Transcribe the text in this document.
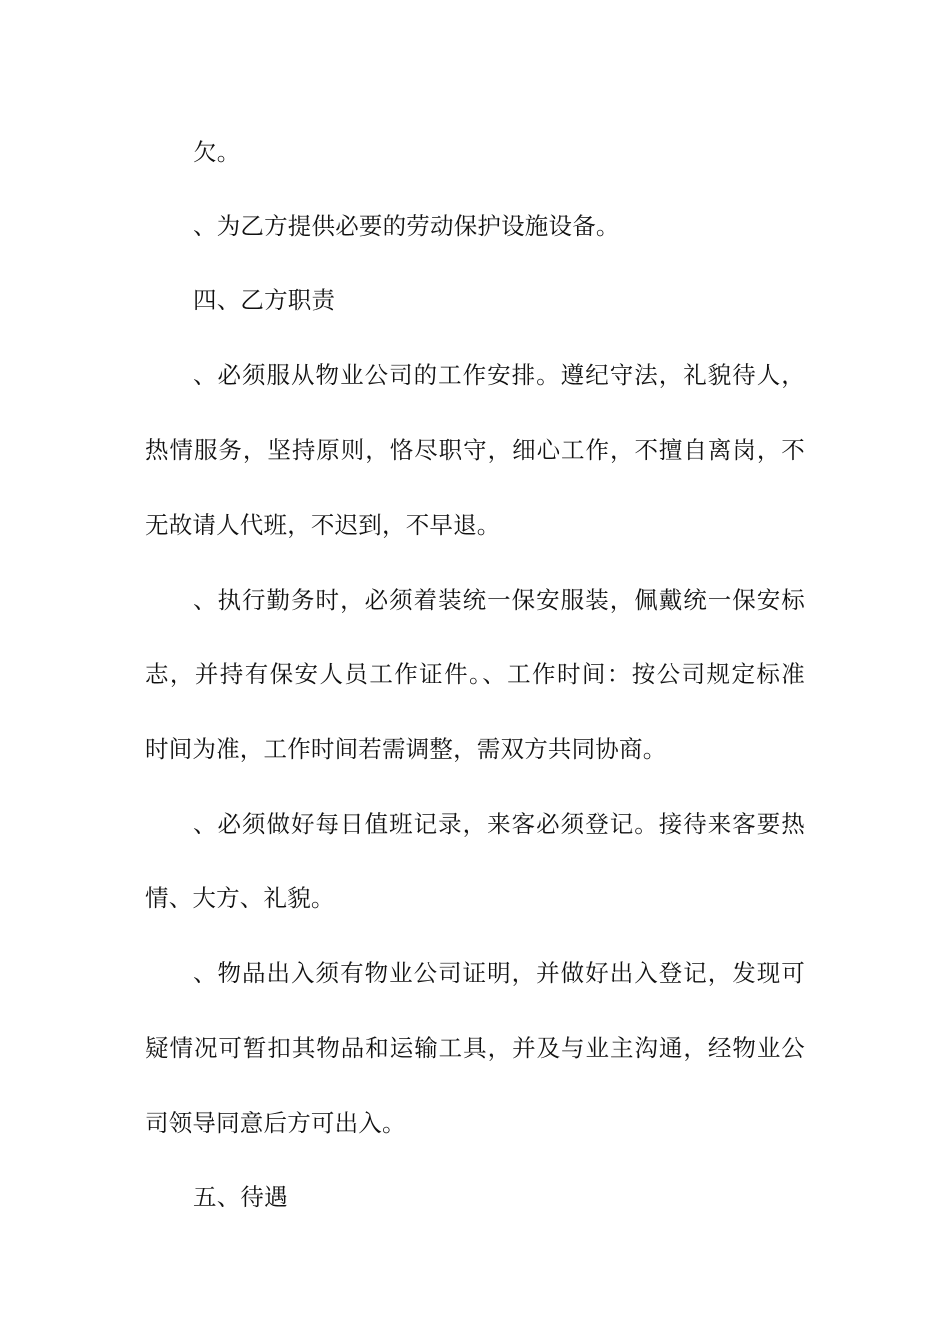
欠。
、为乙方提供必要的劳动保护设施设备。
四、乙方职责
、必须服从物业公司的工作安排。遵纪守法，礼貌待人，
热情服务，坚持原则，恪尽职守，细心工作，不擅自离岗，不
无故请人代班，不迟到，不早退。
、执行勤务时，必须着装统一保安服装，佩戴统一保安标
志，并持有保安人员工作证件。、工作时间：按公司规定标准
时间为准，工作时间若需调整，需双方共同协商。
、必须做好每日值班记录，来客必须登记。接待来客要热
情、大方、礼貌。
、物品出入须有物业公司证明，并做好出入登记，发现可
疑情况可暂扣其物品和运输工具，并及与业主沟通，经物业公
司领导同意后方可出入。
五、待遇
